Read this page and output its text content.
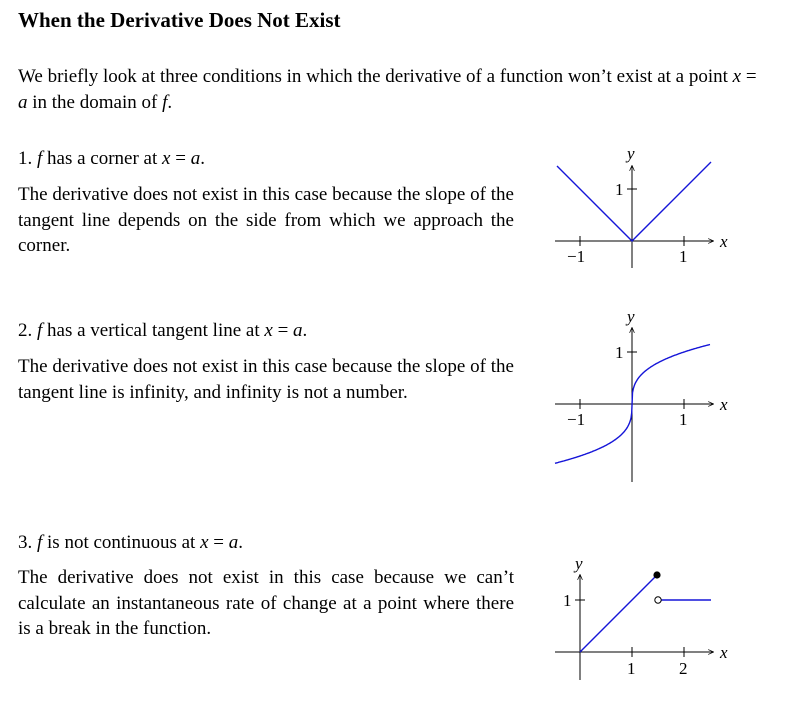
When the Derivative Does Not Exist
We briefly look at three conditions in which the derivative of a function won’t exist at a point x = a in the domain of f.
1. f has a corner at x = a.
The derivative does not exist in this case because the slope of the tangent line depends on the side from which we approach the corner.
−1	1
1
x
y
2. f has a vertical tangent line at x = a.
The derivative does not exist in this case because the slope of the tangent line is infinity, and infinity is not a number.
−1	1
1
x
y
3. f is not continuous at x = a.
The derivative does not exist in this case because we can’t calculate an instantaneous rate of change at a point where there is a break in the function.
1	2
1
x
y
